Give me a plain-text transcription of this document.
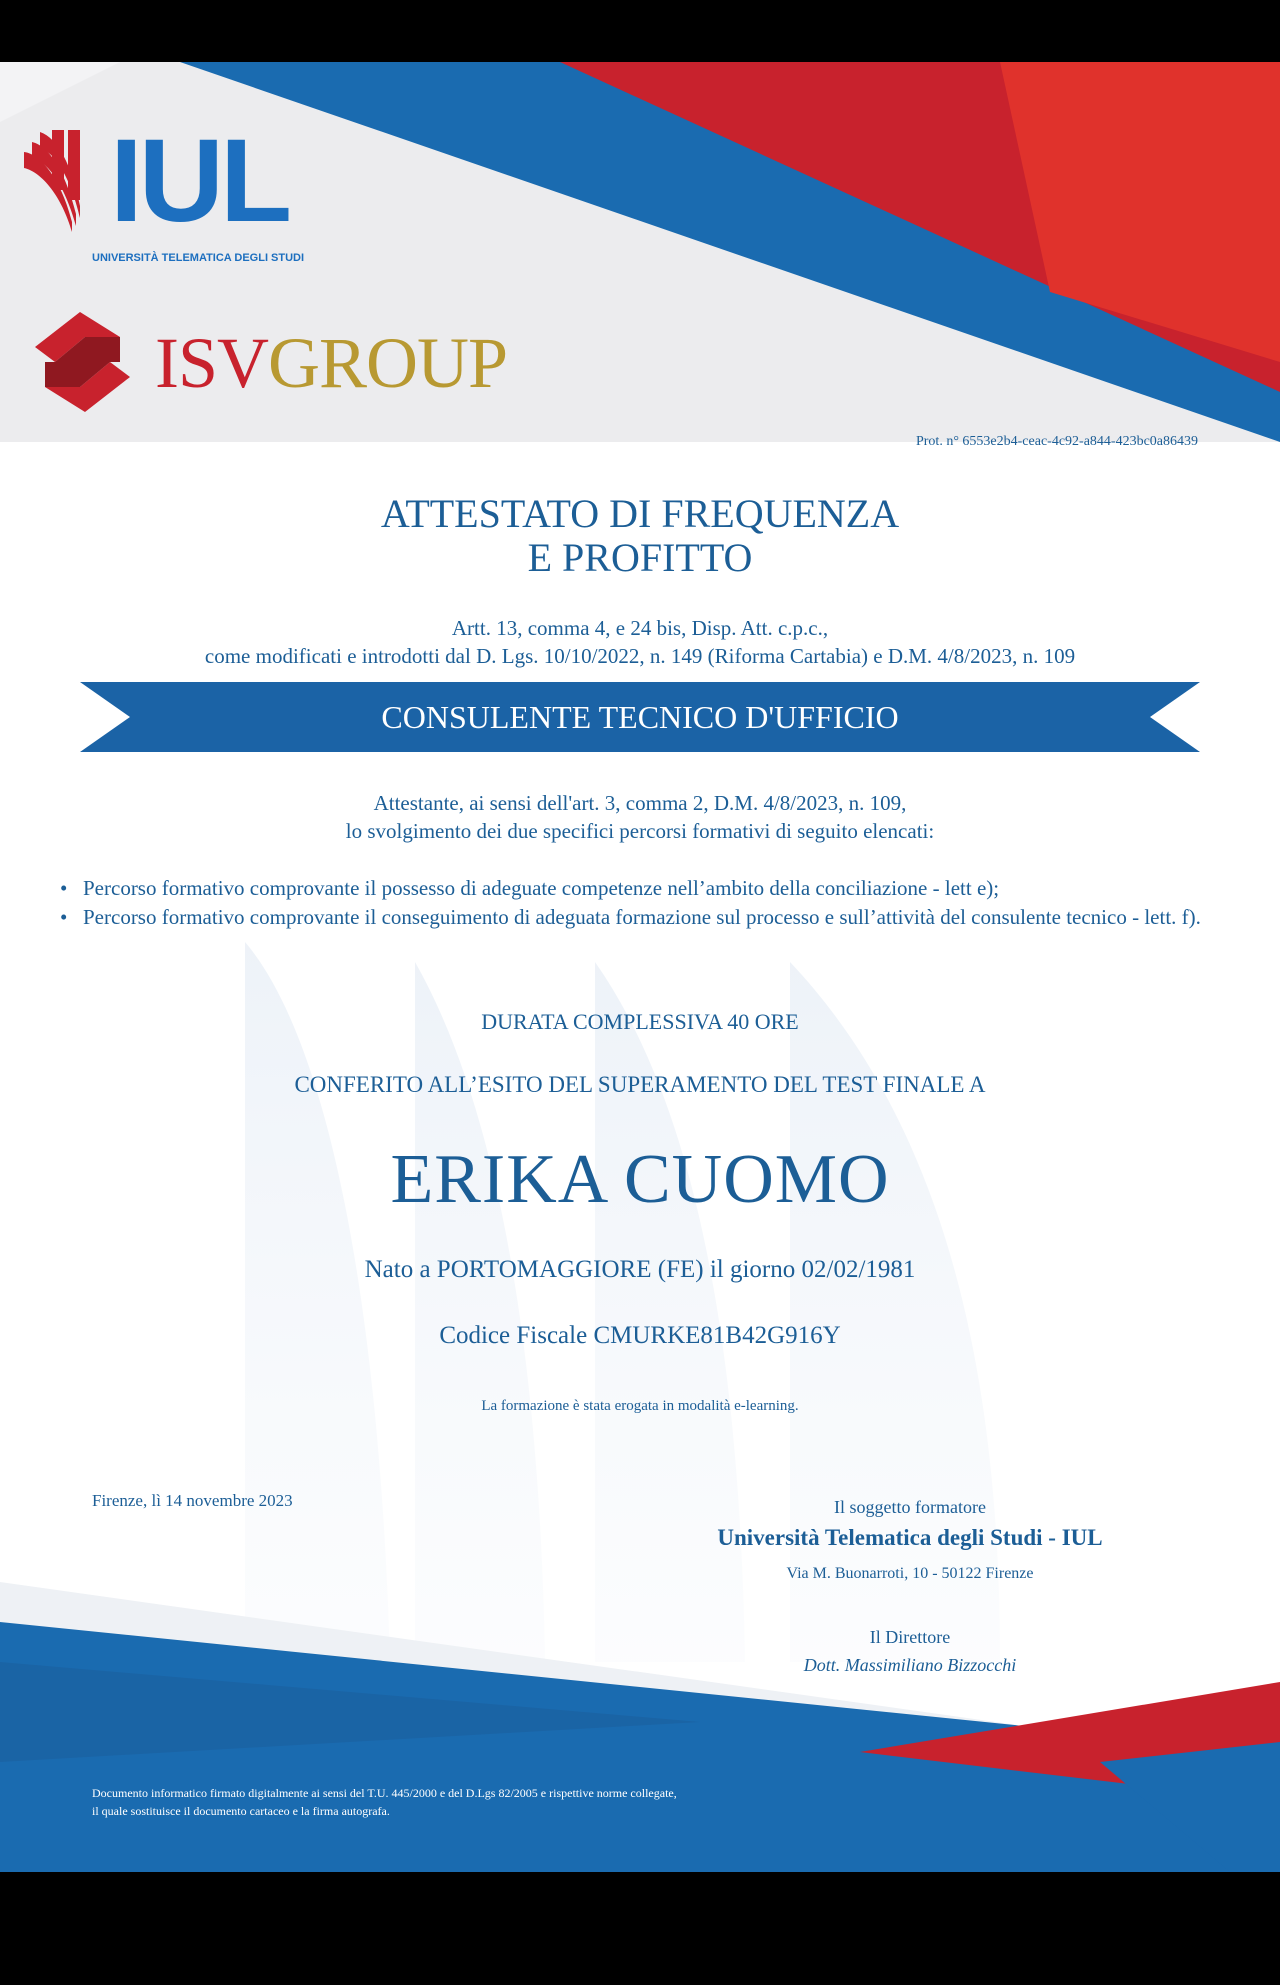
IUL
UNIVERSITÀ TELEMATICA DEGLI STUDI
ISVGROUP
Prot. n° 6553e2b4-ceac-4c92-a844-423bc0a86439
ATTESTATO DI FREQUENZA
E PROFITTO
Artt. 13, comma 4, e 24 bis, Disp. Att. c.p.c.,
come modificati e introdotti dal D. Lgs. 10/10/2022, n. 149 (Riforma Cartabia) e D.M. 4/8/2023, n. 109
CONSULENTE TECNICO D'UFFICIO
Attestante, ai sensi dell'art. 3, comma 2, D.M. 4/8/2023, n. 109,
lo svolgimento dei due specifici percorsi formativi di seguito elencati:
• Percorso formativo comprovante il possesso di adeguate competenze nell’ambito della conciliazione - lett e);
• Percorso formativo comprovante il conseguimento di adeguata formazione sul processo e sull’attività del consulente tecnico - lett. f).
DURATA COMPLESSIVA 40 ORE
CONFERITO ALL’ESITO DEL SUPERAMENTO DEL TEST FINALE A
ERIKA CUOMO
Nato a PORTOMAGGIORE (FE) il giorno 02/02/1981
Codice Fiscale CMURKE81B42G916Y
La formazione è stata erogata in modalità e-learning.
Firenze, lì 14 novembre 2023	Il soggetto formatore
Università Telematica degli Studi - IUL
Via M. Buonarroti, 10 - 50122 Firenze
Il Direttore
Dott. Massimiliano Bizzocchi
Documento informatico firmato digitalmente ai sensi del T.U. 445/2000 e del D.Lgs 82/2005 e rispettive norme collegate,
il quale sostituisce il documento cartaceo e la firma autografa.
